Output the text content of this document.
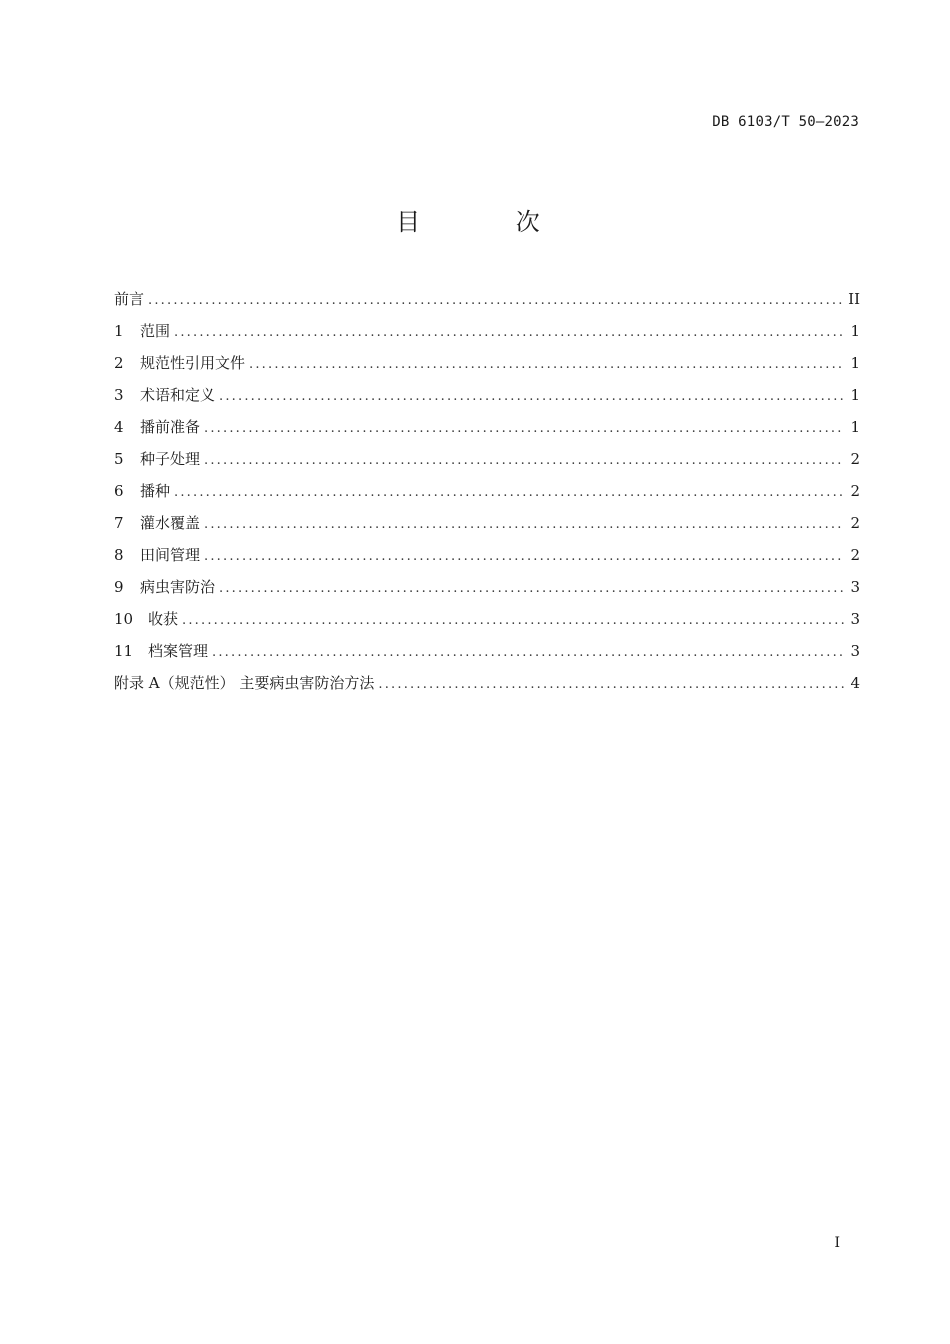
DB 6103/T 50—2023
目 次
前言 .....	II
1	范围 .....	1
2	规范性引用文件 .....	1
3	术语和定义 .....	1
4	播前准备 .....	1
5	种子处理 .....	2
6	播种 .....	2
7	灌水覆盖 .....	2
8	田间管理 .....	2
9	病虫害防治 .....	3
10 收获 .....	3
11 档案管理 .....	3
附录 A（规范性） 主要病虫害防治方法 .....	4
I
